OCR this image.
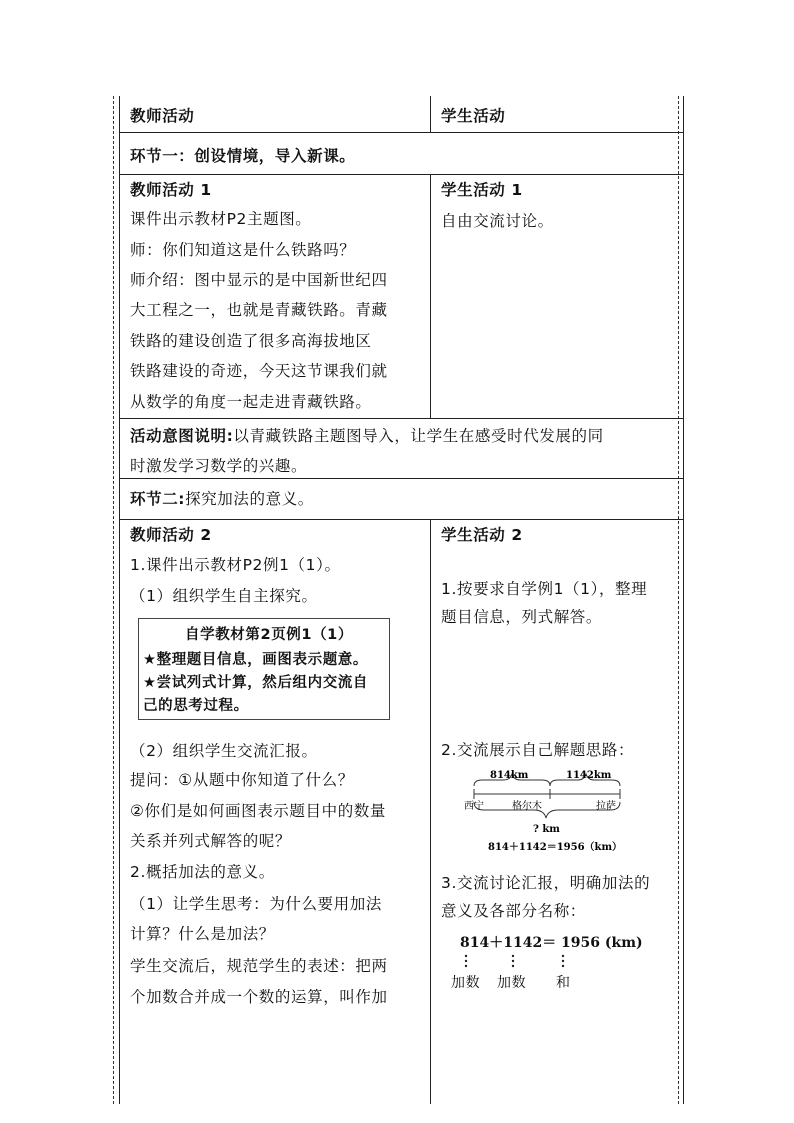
教师活动	学生活动
环节一：创设情境，导入新课。
教师活动 1
课件出示教材P2主题图。
师：你们知道这是什么铁路吗？
师介绍：图中显示的是中国新世纪四
大工程之一，也就是青藏铁路。青藏
铁路的建设创造了很多高海拔地区
铁路建设的奇迹，今天这节课我们就
从数学的角度一起走进青藏铁路。
学生活动 1
自由交流讨论。
活动意图说明:以青藏铁路主题图导入，让学生在感受时代发展的同
时激发学习数学的兴趣。
环节二:探究加法的意义。
教师活动 2
1.课件出示教材P2例1（1）。
（1）组织学生自主探究。
自学教材第2页例1（1）
★整理题目信息，画图表示题意。
★尝试列式计算，然后组内交流自
己的思考过程。
（2）组织学生交流汇报。
提问：①从题中你知道了什么？
②你们是如何画图表示题目中的数量
关系并列式解答的呢？
2.概括加法的意义。
（1）让学生思考：为什么要用加法
计算？什么是加法？
学生交流后，规范学生的表述：把两
个加数合并成一个数的运算，叫作加
学生活动 2
1.按要求自学例1（1），整理
题目信息，列式解答。
2.交流展示自己解题思路：
814km	1142km
西宁	格尔木	拉萨
? km
814＋1142＝1956（km）
3.交流讨论汇报，明确加法的
意义及各部分名称：
814＋1142＝ 1956 (km)
加数 加数 和
